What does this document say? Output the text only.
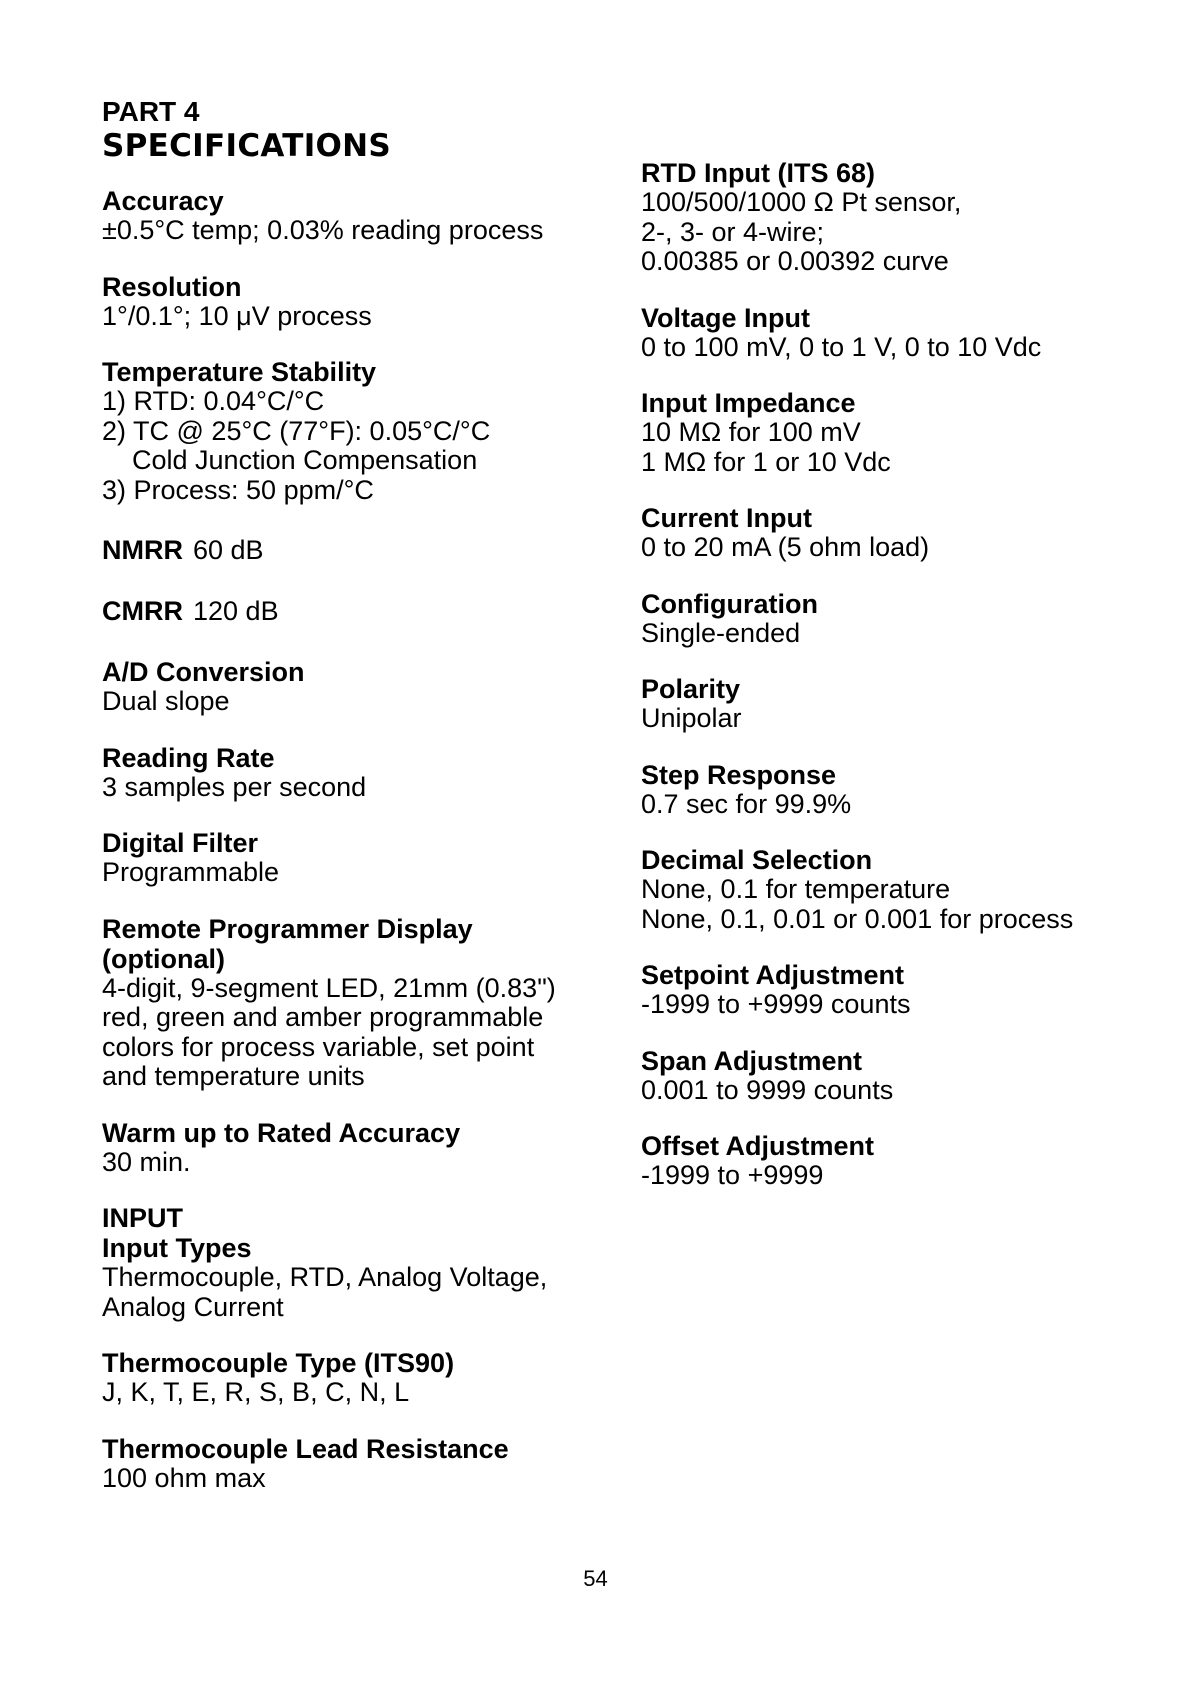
PART 4
SPECIFICATIONS
Accuracy
±0.5°C temp; 0.03% reading process
Resolution
1°/0.1°; 10 μV process
Temperature Stability
1) RTD: 0.04°C/°C
2) TC @ 25°C (77°F): 0.05°C/°C
Cold Junction Compensation
3) Process: 50 ppm/°C
NMRR 60 dB
CMRR 120 dB
A/D Conversion
Dual slope
Reading Rate
3 samples per second
Digital Filter
Programmable
Remote Programmer Display
(optional)
4-digit, 9-segment LED, 21mm (0.83")
red, green and amber programmable
colors for process variable, set point
and temperature units
Warm up to Rated Accuracy
30 min.
INPUT
Input Types
Thermocouple, RTD, Analog Voltage,
Analog Current
Thermocouple Type (ITS90)
J, K, T, E, R, S, B, C, N, L
Thermocouple Lead Resistance
100 ohm max
RTD Input (ITS 68)
100/500/1000 Ω Pt sensor,
2-, 3- or 4-wire;
0.00385 or 0.00392 curve
Voltage Input
0 to 100 mV, 0 to 1 V, 0 to 10 Vdc
Input Impedance
10 MΩ for 100 mV
1 MΩ for 1 or 10 Vdc
Current Input
0 to 20 mA (5 ohm load)
Configuration
Single-ended
Polarity
Unipolar
Step Response
0.7 sec for 99.9%
Decimal Selection
None, 0.1 for temperature
None, 0.1, 0.01 or 0.001 for process
Setpoint Adjustment
-1999 to +9999 counts
Span Adjustment
0.001 to 9999 counts
Offset Adjustment
-1999 to +9999
54
